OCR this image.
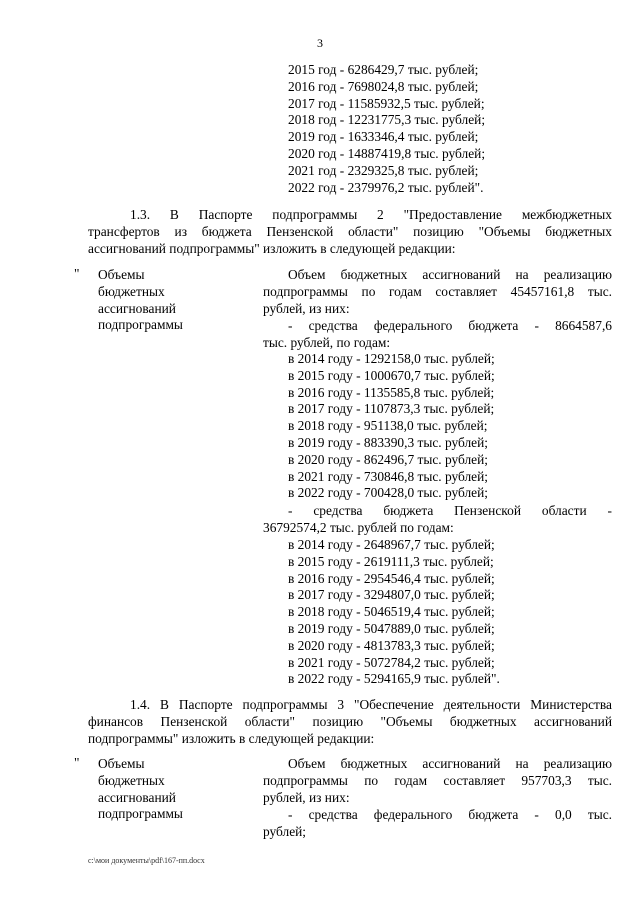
3
2015 год - 6286429,7 тыс. рублей;
2016 год - 7698024,8 тыс. рублей;
2017 год - 11585932,5 тыс. рублей;
2018 год - 12231775,3 тыс. рублей;
2019 год - 1633346,4 тыс. рублей;
2020 год - 14887419,8 тыс. рублей;
2021 год - 2329325,8 тыс. рублей;
2022 год - 2379976,2 тыс. рублей".
1.3. В Паспорте подпрограммы 2 "Предоставление межбюджетных
трансфертов из бюджета Пензенской области" позицию "Объемы бюджетных
ассигнований подпрограммы" изложить в следующей редакции:
" Объемы
бюджетных
ассигнований
подпрограммы
Объем бюджетных ассигнований на реализацию
подпрограммы по годам составляет 45457161,8 тыс.
рублей, из них:
- средства федерального бюджета - 8664587,6
тыс. рублей, по годам:
в 2014 году - 1292158,0 тыс. рублей;
в 2015 году - 1000670,7 тыс. рублей;
в 2016 году - 1135585,8 тыс. рублей;
в 2017 году - 1107873,3 тыс. рублей;
в 2018 году - 951138,0 тыс. рублей;
в 2019 году - 883390,3 тыс. рублей;
в 2020 году - 862496,7 тыс. рублей;
в 2021 году - 730846,8 тыс. рублей;
в 2022 году - 700428,0 тыс. рублей;
- средства бюджета Пензенской области -
36792574,2 тыс. рублей по годам:
в 2014 году - 2648967,7 тыс. рублей;
в 2015 году - 2619111,3 тыс. рублей;
в 2016 году - 2954546,4 тыс. рублей;
в 2017 году - 3294807,0 тыс. рублей;
в 2018 году - 5046519,4 тыс. рублей;
в 2019 году - 5047889,0 тыс. рублей;
в 2020 году - 4813783,3 тыс. рублей;
в 2021 году - 5072784,2 тыс. рублей;
в 2022 году - 5294165,9 тыс. рублей".
1.4. В Паспорте подпрограммы 3 "Обеспечение деятельности Министерства
финансов Пензенской области" позицию "Объемы бюджетных ассигнований
подпрограммы" изложить в следующей редакции:
" Объемы
бюджетных
ассигнований
подпрограммы
Объем бюджетных ассигнований на реализацию
подпрограммы по годам составляет 957703,3 тыс.
рублей, из них:
- средства федерального бюджета - 0,0 тыс.
рублей;
c:\мои документы\pdf\167-пп.docx
